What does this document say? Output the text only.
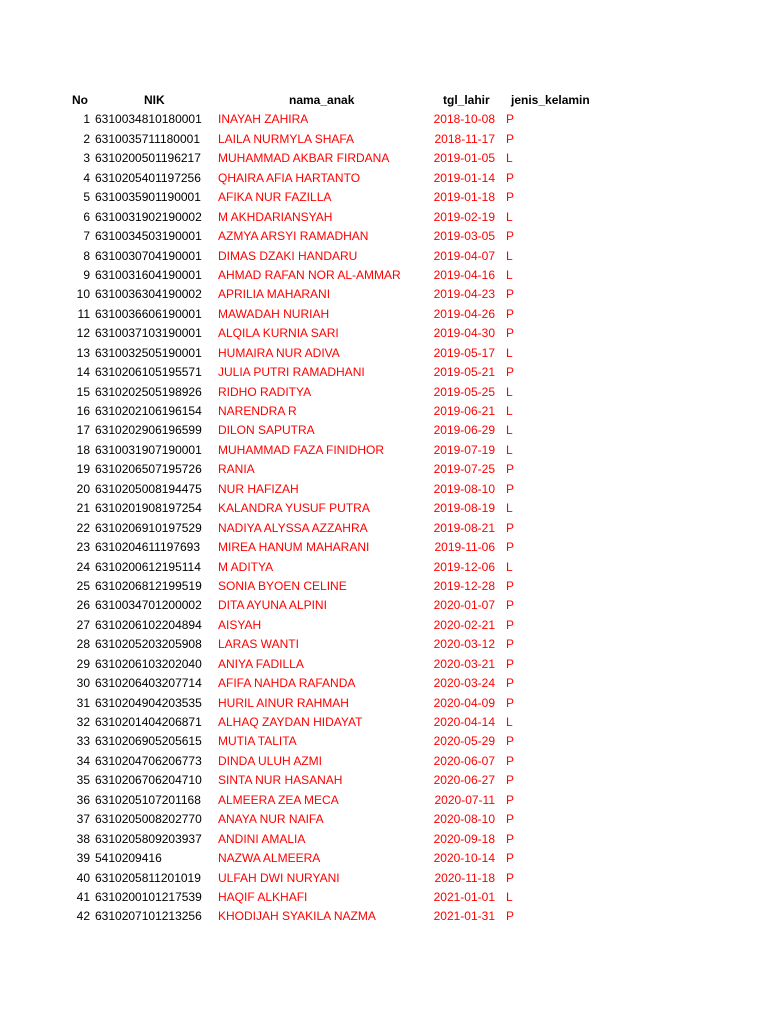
No	NIK	nama_anak	tgl_lahir jenis_kelamin
1 6310034810180001 INAYAH ZAHIRA	2018-10-08 P
2 6310035711180001 LAILA NURMYLA SHAFA	2018-11-17 P
3 6310200501196217 MUHAMMAD AKBAR FIRDANA	2019-01-05 L
4 6310205401197256 QHAIRA AFIA HARTANTO	2019-01-14 P
5 6310035901190001 AFIKA NUR FAZILLA	2019-01-18 P
6 6310031902190002 M AKHDARIANSYAH	2019-02-19 L
7 6310034503190001 AZMYA ARSYI RAMADHAN	2019-03-05 P
8 6310030704190001 DIMAS DZAKI HANDARU	2019-04-07 L
9 6310031604190001 AHMAD RAFAN NOR AL-AMMAR	2019-04-16 L
10 6310036304190002 APRILIA MAHARANI	2019-04-23 P
11 6310036606190001 MAWADAH NURIAH	2019-04-26 P
12 6310037103190001 ALQILA KURNIA SARI	2019-04-30 P
13 6310032505190001 HUMAIRA NUR ADIVA	2019-05-17 L
14 6310206105195571 JULIA PUTRI RAMADHANI	2019-05-21 P
15 6310202505198926 RIDHO RADITYA	2019-05-25 L
16 6310202106196154 NARENDRA R	2019-06-21 L
17 6310202906196599 DILON SAPUTRA	2019-06-29 L
18 6310031907190001 MUHAMMAD FAZA FINIDHOR	2019-07-19 L
19 6310206507195726 RANIA	2019-07-25 P
20 6310205008194475 NUR HAFIZAH	2019-08-10 P
21 6310201908197254 KALANDRA YUSUF PUTRA	2019-08-19 L
22 6310206910197529 NADIYA ALYSSA AZZAHRA	2019-08-21 P
23 6310204611197693 MIREA HANUM MAHARANI	2019-11-06 P
24 6310200612195114 M ADITYA	2019-12-06 L
25 6310206812199519 SONIA BYOEN CELINE	2019-12-28 P
26 6310034701200002 DITA AYUNA ALPINI	2020-01-07 P
27 6310206102204894 AISYAH	2020-02-21 P
28 6310205203205908 LARAS WANTI	2020-03-12 P
29 6310206103202040 ANIYA FADILLA	2020-03-21 P
30 6310206403207714 AFIFA NAHDA RAFANDA	2020-03-24 P
31 6310204904203535 HURIL AINUR RAHMAH	2020-04-09 P
32 6310201404206871 ALHAQ ZAYDAN HIDAYAT	2020-04-14 L
33 6310206905205615 MUTIA TALITA	2020-05-29 P
34 6310204706206773 DINDA ULUH AZMI	2020-06-07 P
35 6310206706204710 SINTA NUR HASANAH	2020-06-27 P
36 6310205107201168 ALMEERA ZEA MECA	2020-07-11 P
37 6310205008202770 ANAYA NUR NAIFA	2020-08-10 P
38 6310205809203937 ANDINI AMALIA	2020-09-18 P
39 5410209416	NAZWA ALMEERA	2020-10-14 P
40 6310205811201019 ULFAH DWI NURYANI	2020-11-18 P
41 6310200101217539 HAQIF ALKHAFI	2021-01-01 L
42 6310207101213256 KHODIJAH SYAKILA NAZMA	2021-01-31 P
